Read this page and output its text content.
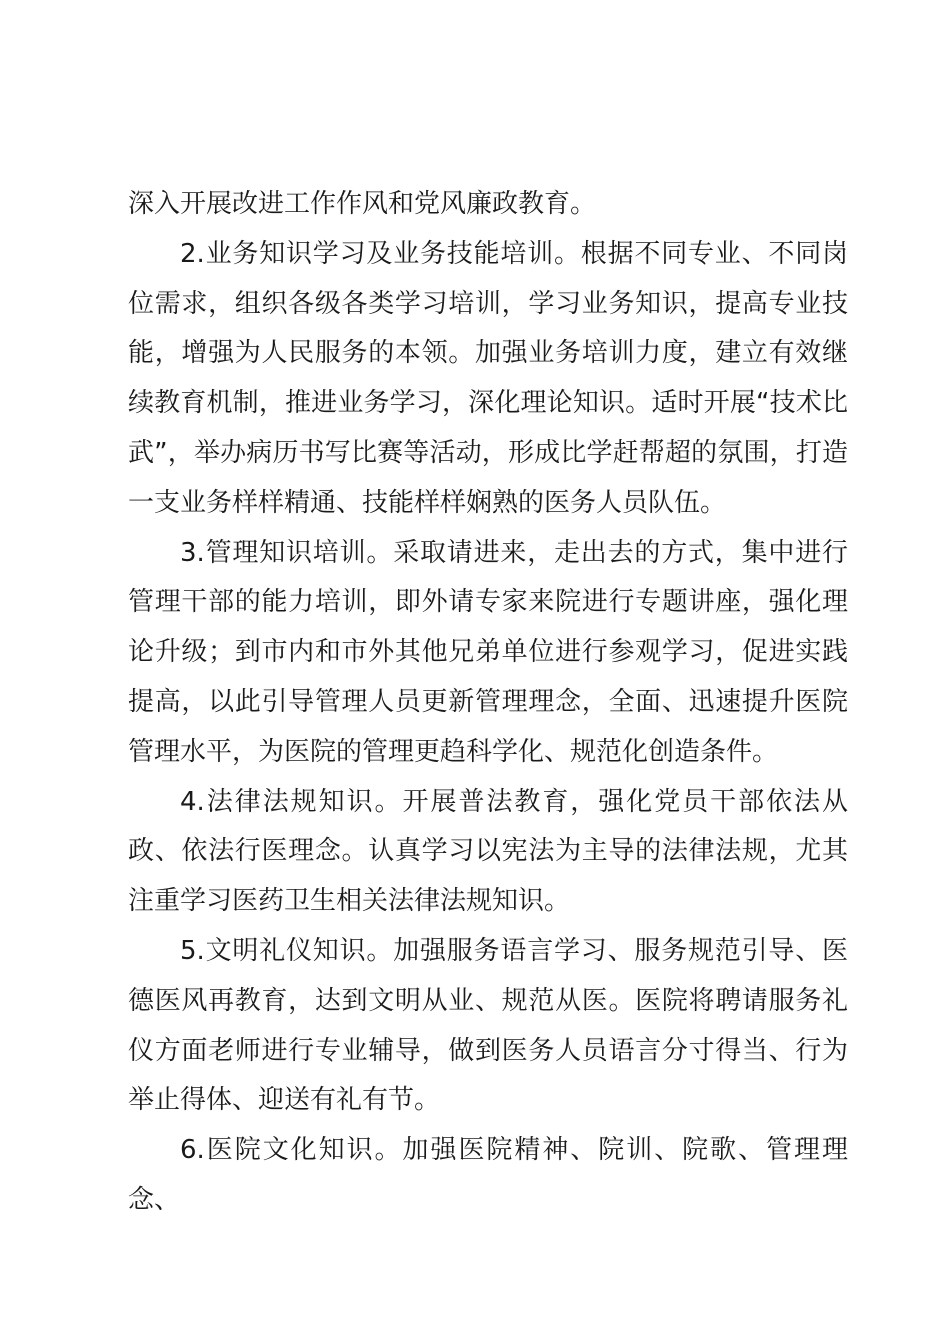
深入开展改进工作作风和党风廉政教育。

2.业务知识学习及业务技能培训。根据不同专业、不同岗位需求，组织各级各类学习培训，学习业务知识，提高专业技能，增强为人民服务的本领。加强业务培训力度，建立有效继续教育机制，推进业务学习，深化理论知识。适时开展“技术比武”，举办病历书写比赛等活动，形成比学赶帮超的氛围，打造一支业务样样精通、技能样样娴熟的医务人员队伍。

3.管理知识培训。采取请进来，走出去的方式，集中进行管理干部的能力培训，即外请专家来院进行专题讲座，强化理论升级；到市内和市外其他兄弟单位进行参观学习，促进实践提高，以此引导管理人员更新管理理念，全面、迅速提升医院管理水平，为医院的管理更趋科学化、规范化创造条件。

4.法律法规知识。开展普法教育，强化党员干部依法从政、依法行医理念。认真学习以宪法为主导的法律法规，尤其注重学习医药卫生相关法律法规知识。

5.文明礼仪知识。加强服务语言学习、服务规范引导、医德医风再教育，达到文明从业、规范从医。医院将聘请服务礼仪方面老师进行专业辅导，做到医务人员语言分寸得当、行为举止得体、迎送有礼有节。

6.医院文化知识。加强医院精神、院训、院歌、管理理念、
